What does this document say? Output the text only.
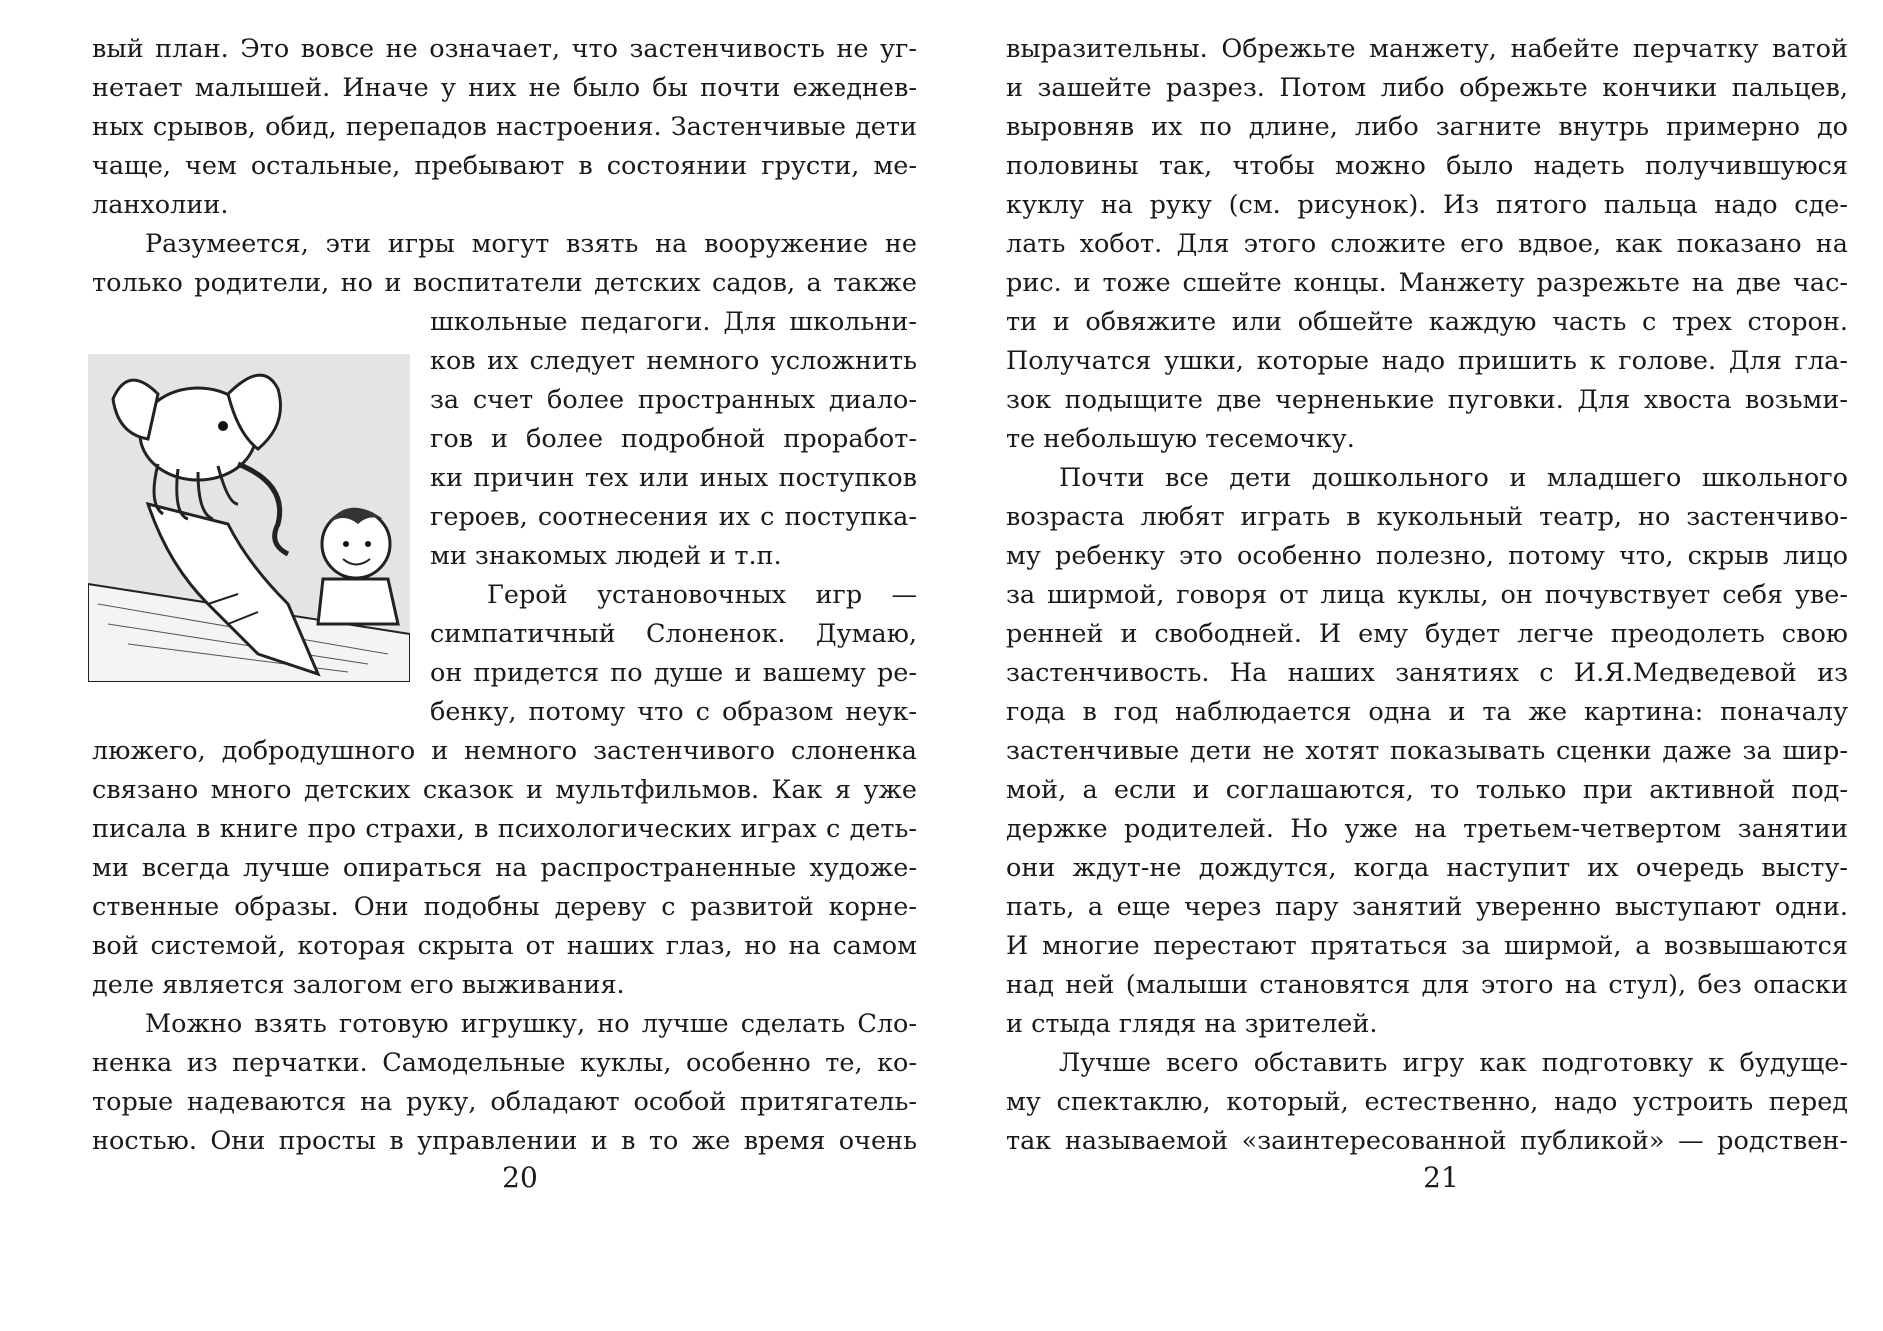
вый план. Это вовсе не означает, что застенчивость не уг-
нетает малышей. Иначе у них не было бы почти ежеднев-
ных срывов, обид, перепадов настроения. Застенчивые дети
чаще, чем остальные, пребывают в состоянии грусти, ме-
ланхолии.
Разумеется, эти игры могут взять на вооружение не
только родители, но и воспитатели детских садов, а также
школьные педагоги. Для школьни-
ков их следует немного усложнить
за счет более пространных диало-
гов и более подробной проработ-
ки причин тех или иных поступков
героев, соотнесения их с поступка-
ми знакомых людей и т.п.
Герой установочных игр —
симпатичный Слоненок. Думаю,
он придется по душе и вашему ре-
бенку, потому что с образом неук-
люжего, добродушного и немного застенчивого слоненка
связано много детских сказок и мультфильмов. Как я уже
писала в книге про страхи, в психологических играх с деть-
ми всегда лучше опираться на распространенные художе-
ственные образы. Они подобны дереву с развитой корне-
вой системой, которая скрыта от наших глаз, но на самом
деле является залогом его выживания.
Можно взять готовую игрушку, но лучше сделать Сло-
ненка из перчатки. Самодельные куклы, особенно те, ко-
торые надеваются на руку, обладают особой притягатель-
ностью. Они просты в управлении и в то же время очень
20
выразительны. Обрежьте манжету, набейте перчатку ватой
и зашейте разрез. Потом либо обрежьте кончики пальцев,
выровняв их по длине, либо загните внутрь примерно до
половины так, чтобы можно было надеть получившуюся
куклу на руку (см. рисунок). Из пятого пальца надо сде-
лать хобот. Для этого сложите его вдвое, как показано на
рис. и тоже сшейте концы. Манжету разрежьте на две час-
ти и обвяжите или обшейте каждую часть с трех сторон.
Получатся ушки, которые надо пришить к голове. Для гла-
зок подыщите две черненькие пуговки. Для хвоста возьми-
те небольшую тесемочку.
Почти все дети дошкольного и младшего школьного
возраста любят играть в кукольный театр, но застенчиво-
му ребенку это особенно полезно, потому что, скрыв лицо
за ширмой, говоря от лица куклы, он почувствует себя уве-
ренней и свободней. И ему будет легче преодолеть свою
застенчивость. На наших занятиях с И.Я.Медведевой из
года в год наблюдается одна и та же картина: поначалу
застенчивые дети не хотят показывать сценки даже за шир-
мой, а если и соглашаются, то только при активной под-
держке родителей. Но уже на третьем-четвертом занятии
они ждут-не дождутся, когда наступит их очередь высту-
пать, а еще через пару занятий уверенно выступают одни.
И многие перестают прятаться за ширмой, а возвышаются
над ней (малыши становятся для этого на стул), без опаски
и стыда глядя на зрителей.
Лучше всего обставить игру как подготовку к будуще-
му спектаклю, который, естественно, надо устроить перед
так называемой «заинтересованной публикой» — родствен-
21
